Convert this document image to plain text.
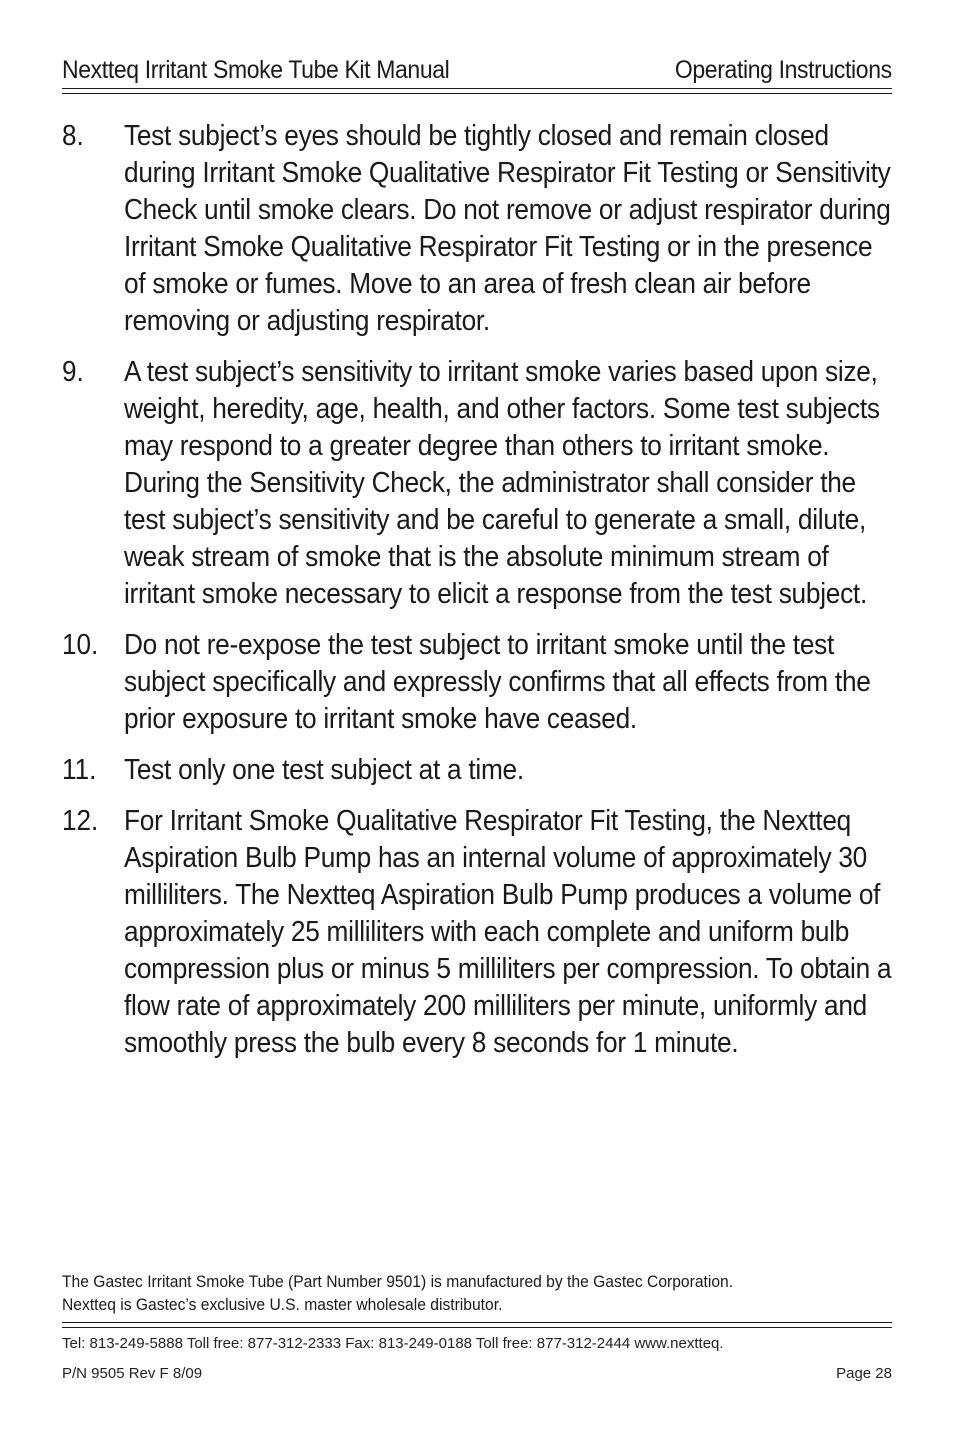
Nextteq Irritant Smoke Tube Kit Manual	Operating Instructions
8. Test subject’s eyes should be tightly closed and remain closed during Irritant Smoke Qualitative Respirator Fit Testing or Sensitivity Check until smoke clears. Do not remove or adjust respirator during Irritant Smoke Qualitative Respirator Fit Testing or in the presence of smoke or fumes. Move to an area of fresh clean air before removing or adjusting respirator.
9. A test subject’s sensitivity to irritant smoke varies based upon size, weight, heredity, age, health, and other factors. Some test subjects may respond to a greater degree than others to irritant smoke. During the Sensitivity Check, the administrator shall consider the test subject’s sensitivity and be careful to generate a small, dilute, weak stream of smoke that is the absolute minimum stream of irritant smoke necessary to elicit a response from the test subject.
10. Do not re-expose the test subject to irritant smoke until the test subject specifically and expressly confirms that all effects from the prior exposure to irritant smoke have ceased.
11. Test only one test subject at a time.
12. For Irritant Smoke Qualitative Respirator Fit Testing, the Nextteq Aspiration Bulb Pump has an internal volume of approximately 30 milliliters. The Nextteq Aspiration Bulb Pump produces a volume of approximately 25 milliliters with each complete and uniform bulb compression plus or minus 5 milliliters per compression. To obtain a flow rate of approximately 200 milliliters per minute, uniformly and smoothly press the bulb every 8 seconds for 1 minute.
The Gastec Irritant Smoke Tube (Part Number 9501) is manufactured by the Gastec Corporation.
Nextteq is Gastec’s exclusive U.S. master wholesale distributor.
Tel: 813-249-5888 Toll free: 877-312-2333 Fax: 813-249-0188 Toll free: 877-312-2444 www.nextteq.
P/N 9505 Rev F 8/09	Page 28
